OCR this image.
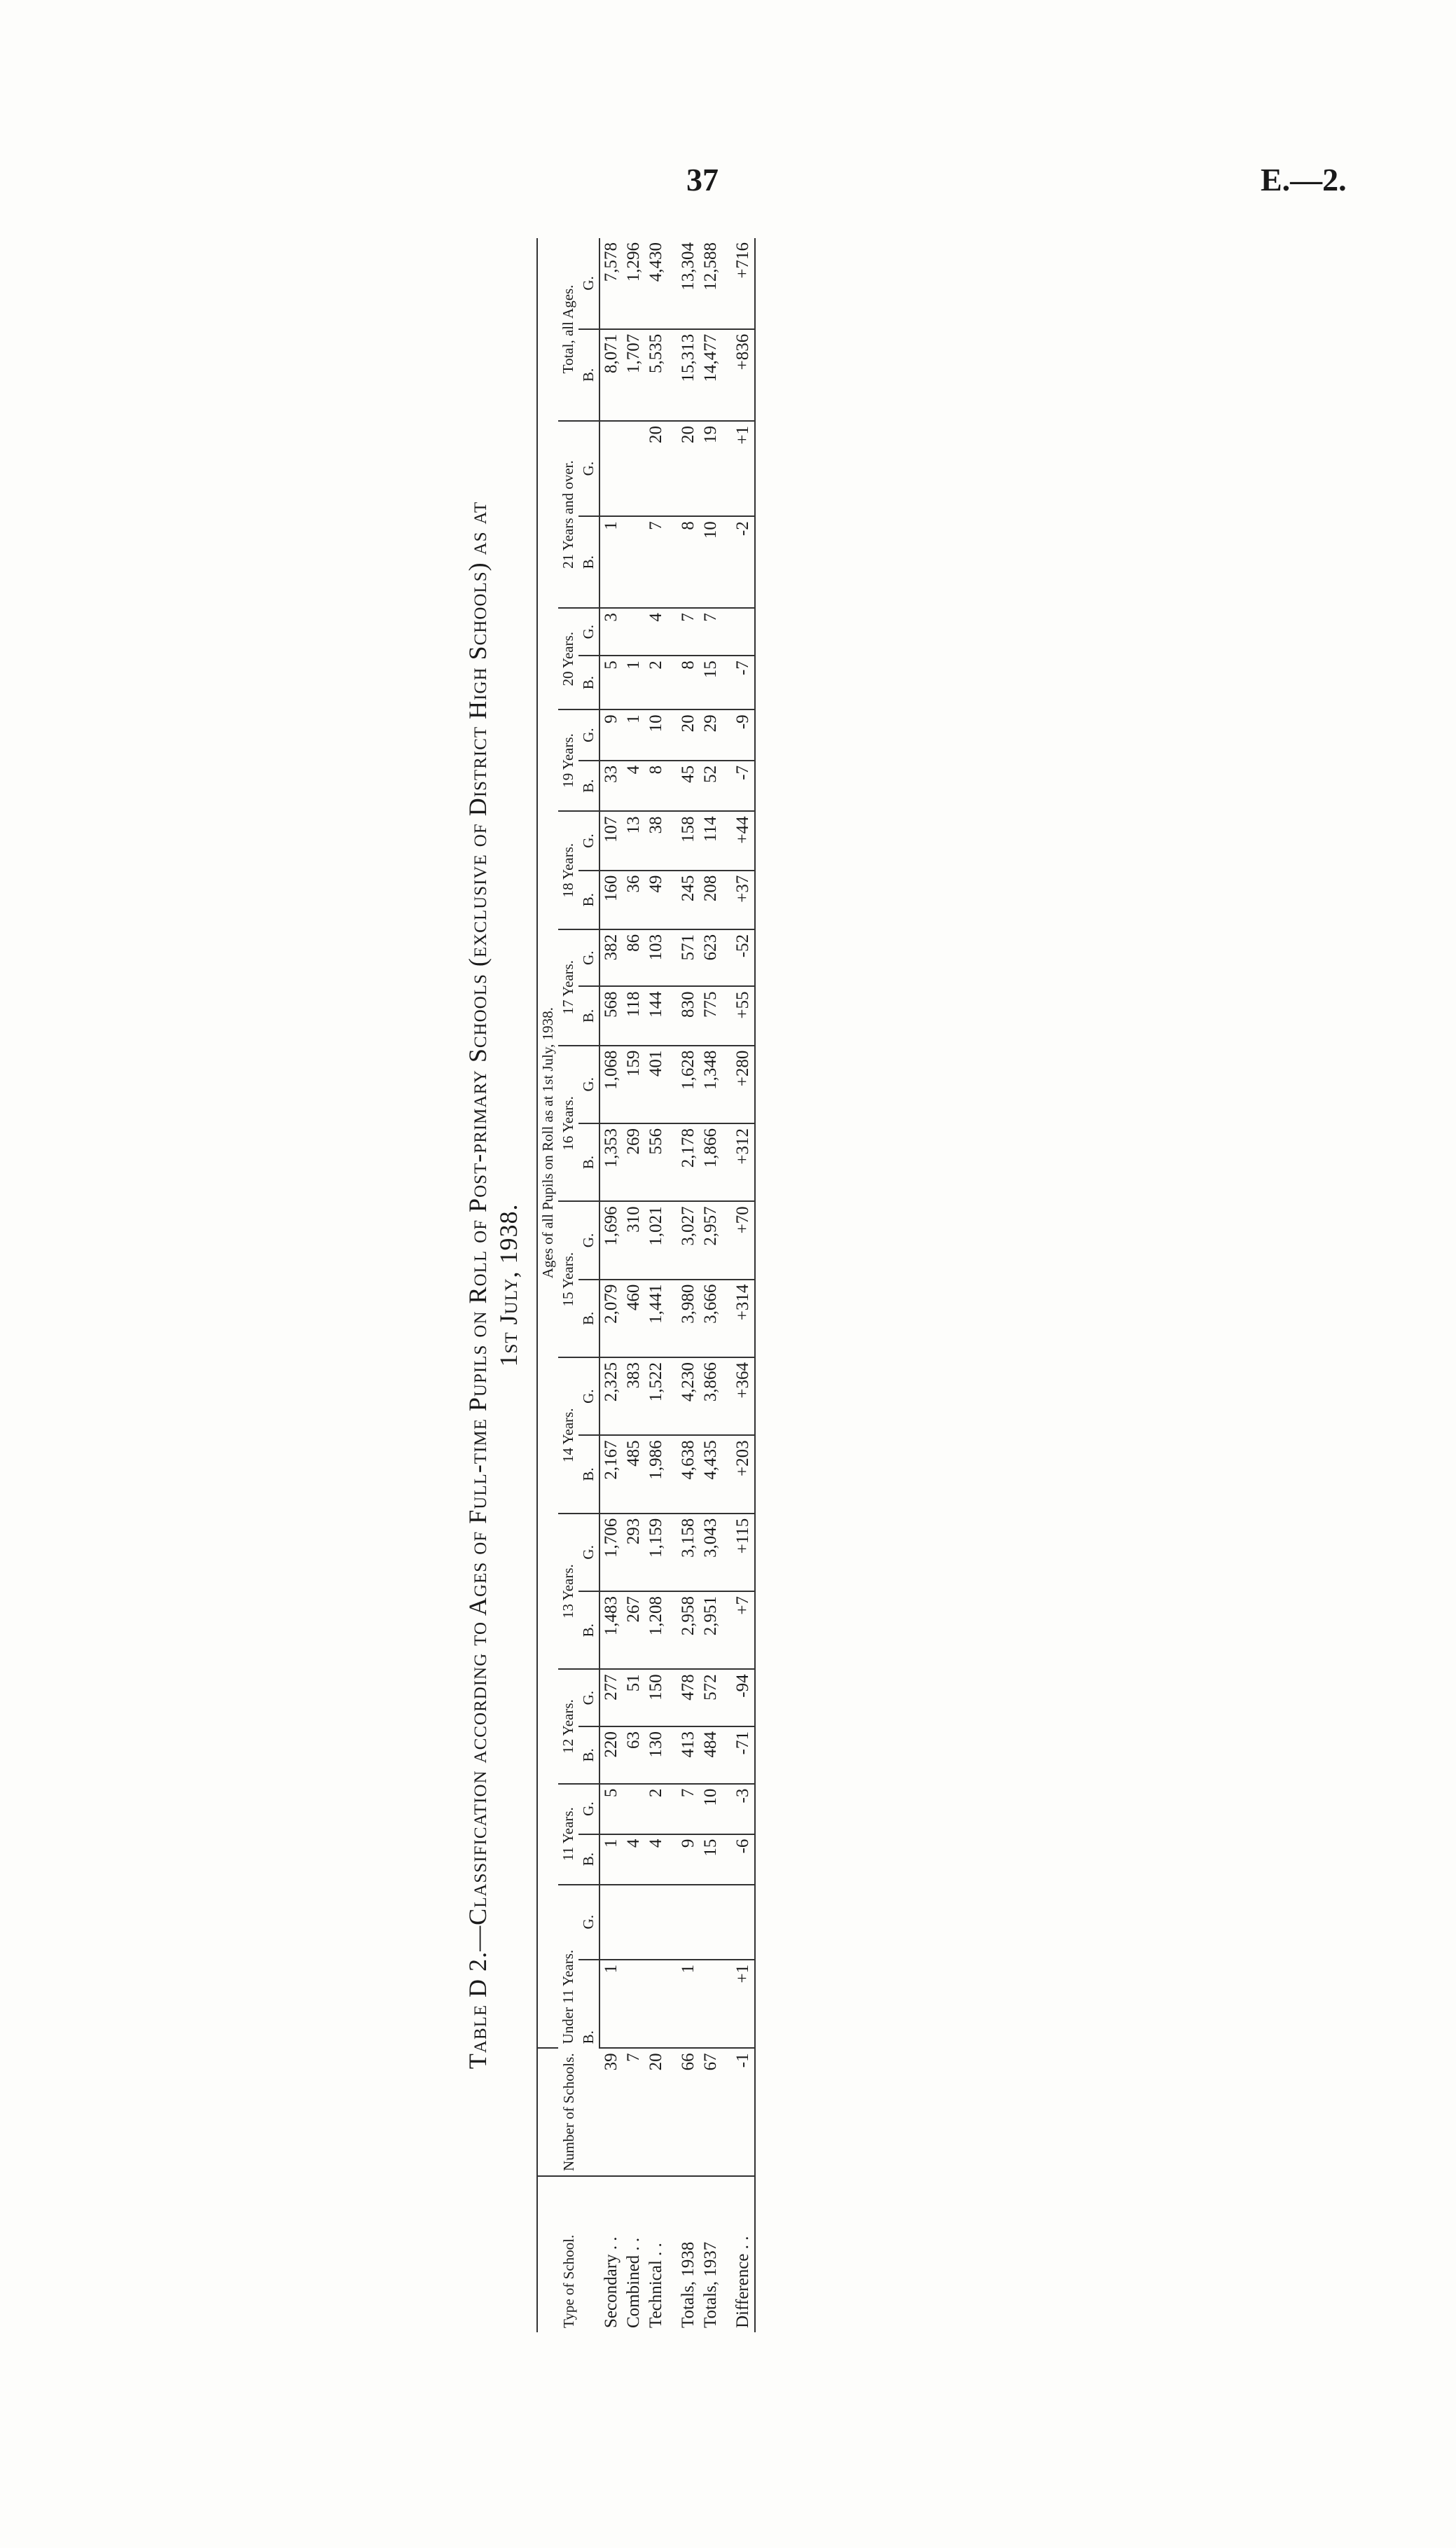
37	E.—2.
Table D 2.—Classification according to Ages of Full-time Pupils on Roll of Post-primary Schools (exclusive of District High Schools) as at 1st July, 1938.
Type of School.	Number of Schools.	Ages of all Pupils on Roll as at 1st July, 1938.																									
		Under 11 Years.		11 Years.		12 Years.		13 Years.		14 Years.		15 Years.		16 Years.		17 Years.		18 Years.		19 Years.		20 Years.		21 Years and over.		Total, all Ages.	
		B.	G.	B.	G.	B.	G.	B.	G.	B.	G.	B.	G.	B.	G.	B.	G.	B.	G.	B.	G.	B.	G.	B.	G.	B.	G.
Secondary . .	39	1		1	5	220	277	1,483	1,706	2,167	2,325	2,079	1,696	1,353	1,068	568	382	160	107	33	9	5	3	1		8,071	7,578
Combined . .	7			4		63	51	267	293	485	383	460	310	269	159	118	86	36	13	4	1	1				1,707	1,296
Technical . .	20			4	2	130	150	1,208	1,159	1,986	1,522	1,441	1,021	556	401	144	103	49	38	8	10	2	4	7	20	5,535	4,430

Totals, 1938	66	1		9	7	413	478	2,958	3,158	4,638	4,230	3,980	3,027	2,178	1,628	830	571	245	158	45	20	8	7	8	20	15,313	13,304
Totals, 1937	67			15	10	484	572	2,951	3,043	4,435	3,866	3,666	2,957	1,866	1,348	775	623	208	114	52	29	15	7	10	19	14,477	12,588

Difference . .	-1	+1		-6	-3	-71	-94	+7	+115	+203	+364	+314	+70	+312	+280	+55	-52	+37	+44	-7	-9	-7		-2	+1	+836	+716
